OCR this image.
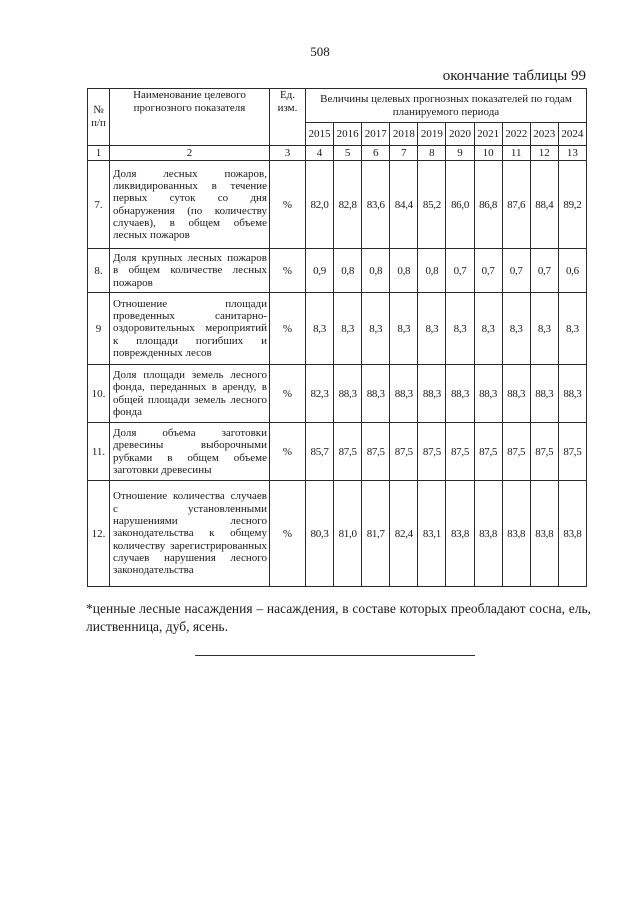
508
окончание таблицы 99
№ п/п	Наименование целевого прогнозного показателя	Ед. изм.	Величины целевых прогнозных показателей по годам планируемого периода									
			2015	2016	2017	2018	2019	2020	2021	2022	2023	2024
1	2	3	4	5	6	7	8	9	10	11	12	13
7.	Доля лесных пожаров, ликвидированных в течение первых суток со дня обнаружения (по количеству случаев), в общем объеме лесных пожаров	%	82,0	82,8	83,6	84,4	85,2	86,0	86,8	87,6	88,4	89,2
8.	Доля крупных лесных пожаров в общем количестве лесных пожаров	%	0,9	0,8	0,8	0,8	0,8	0,7	0,7	0,7	0,7	0,6
9	Отношение площади проведенных санитарно-оздоровительных мероприятий к площади погибших и поврежденных лесов	%	8,3	8,3	8,3	8,3	8,3	8,3	8,3	8,3	8,3	8,3
10.	Доля площади земель лесного фонда, переданных в аренду, в общей площади земель лесного фонда	%	82,3	88,3	88,3	88,3	88,3	88,3	88,3	88,3	88,3	88,3
11.	Доля объема заготовки древесины выборочными рубками в общем объеме заготовки древесины	%	85,7	87,5	87,5	87,5	87,5	87,5	87,5	87,5	87,5	87,5
12.	Отношение количества случаев с установленными нарушениями лесного законодательства к общему количеству зарегистрированных случаев нарушения лесного законодательства	%	80,3	81,0	81,7	82,4	83,1	83,8	83,8	83,8	83,8	83,8
*ценные лесные насаждения – насаждения, в составе которых преобладают сосна, ель, лиственница, дуб, ясень.
